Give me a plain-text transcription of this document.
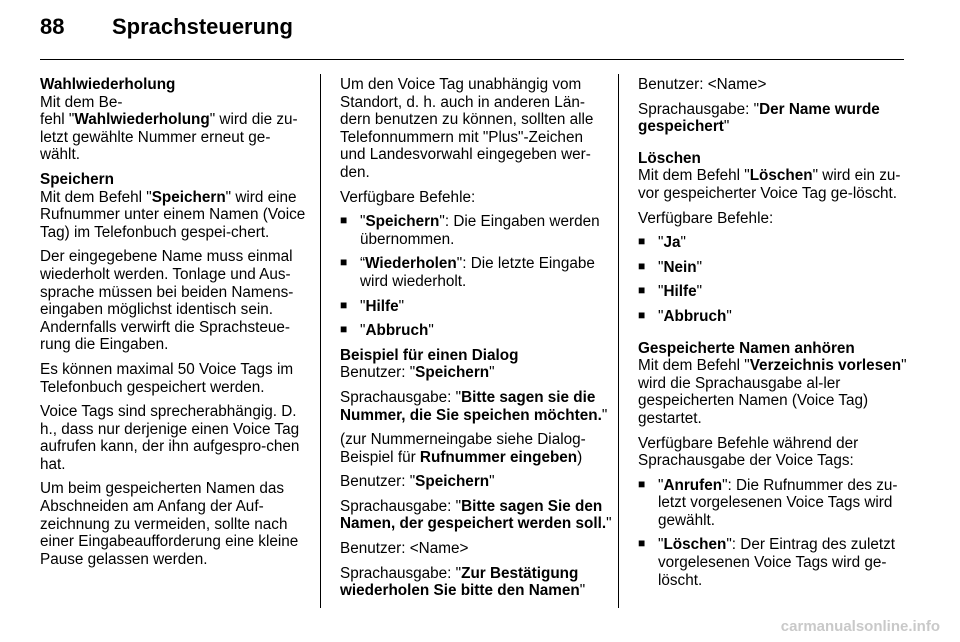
88 Sprachsteuerung

Wahlwiederholung
Mit dem Be-
fehl "Wahlwiederholung" wird die zu-
letzt gewählte Nummer erneut ge-
wählt.

Speichern
Mit dem Befehl "Speichern" wird eine Rufnummer unter einem Namen (Voice Tag) im Telefonbuch gespei-chert.

Der eingegebene Name muss einmal wiederholt werden. Tonlage und Aus-sprache müssen bei beiden Namens-eingaben möglichst identisch sein. Andernfalls verwirft die Sprachsteue-rung die Eingaben.

Es können maximal 50 Voice Tags im Telefonbuch gespeichert werden.

Voice Tags sind sprecherabhängig. D. h., dass nur derjenige einen Voice Tag aufrufen kann, der ihn aufgespro-chen hat.

Um beim gespeicherten Namen das Abschneiden am Anfang der Auf-zeichnung zu vermeiden, sollte nach einer Eingabeaufforderung eine kleine Pause gelassen werden.

Um den Voice Tag unabhängig vom Standort, d. h. auch in anderen Län-dern benutzen zu können, sollten alle Telefonnummern mit "Plus"-Zeichen und Landesvorwahl eingegeben wer-den.

Verfügbare Befehle:

■ "Speichern": Die Eingaben werden übernommen.
■ “Wiederholen": Die letzte Eingabe wird wiederholt.
■ "Hilfe"
■ "Abbruch"

Beispiel für einen Dialog
Benutzer: "Speichern"

Sprachausgabe: "Bitte sagen sie die Nummer, die Sie speichen möchten."

(zur Nummerneingabe siehe Dialog-Beispiel für Rufnummer eingeben)

Benutzer: "Speichern"

Sprachausgabe: "Bitte sagen Sie den Namen, der gespeichert werden soll."

Benutzer: <Name>

Sprachausgabe: "Zur Bestätigung wiederholen Sie bitte den Namen"

Benutzer: <Name>

Sprachausgabe: "Der Name wurde gespeichert"

Löschen
Mit dem Befehl "Löschen" wird ein zu-vor gespeicherter Voice Tag ge-löscht.

Verfügbare Befehle:

■ "Ja"
■ "Nein"
■ "Hilfe"
■ "Abbruch"

Gespeicherte Namen anhören
Mit dem Befehl "Verzeichnis vorlesen" wird die Sprachausgabe al-ler gespeicherten Namen (Voice Tag) gestartet.

Verfügbare Befehle während der Sprachausgabe der Voice Tags:

■ "Anrufen": Die Rufnummer des zu-letzt vorgelesenen Voice Tags wird gewählt.
■ "Löschen": Der Eintrag des zuletzt vorgelesenen Voice Tags wird ge-löscht.
carmanualsonline.info
